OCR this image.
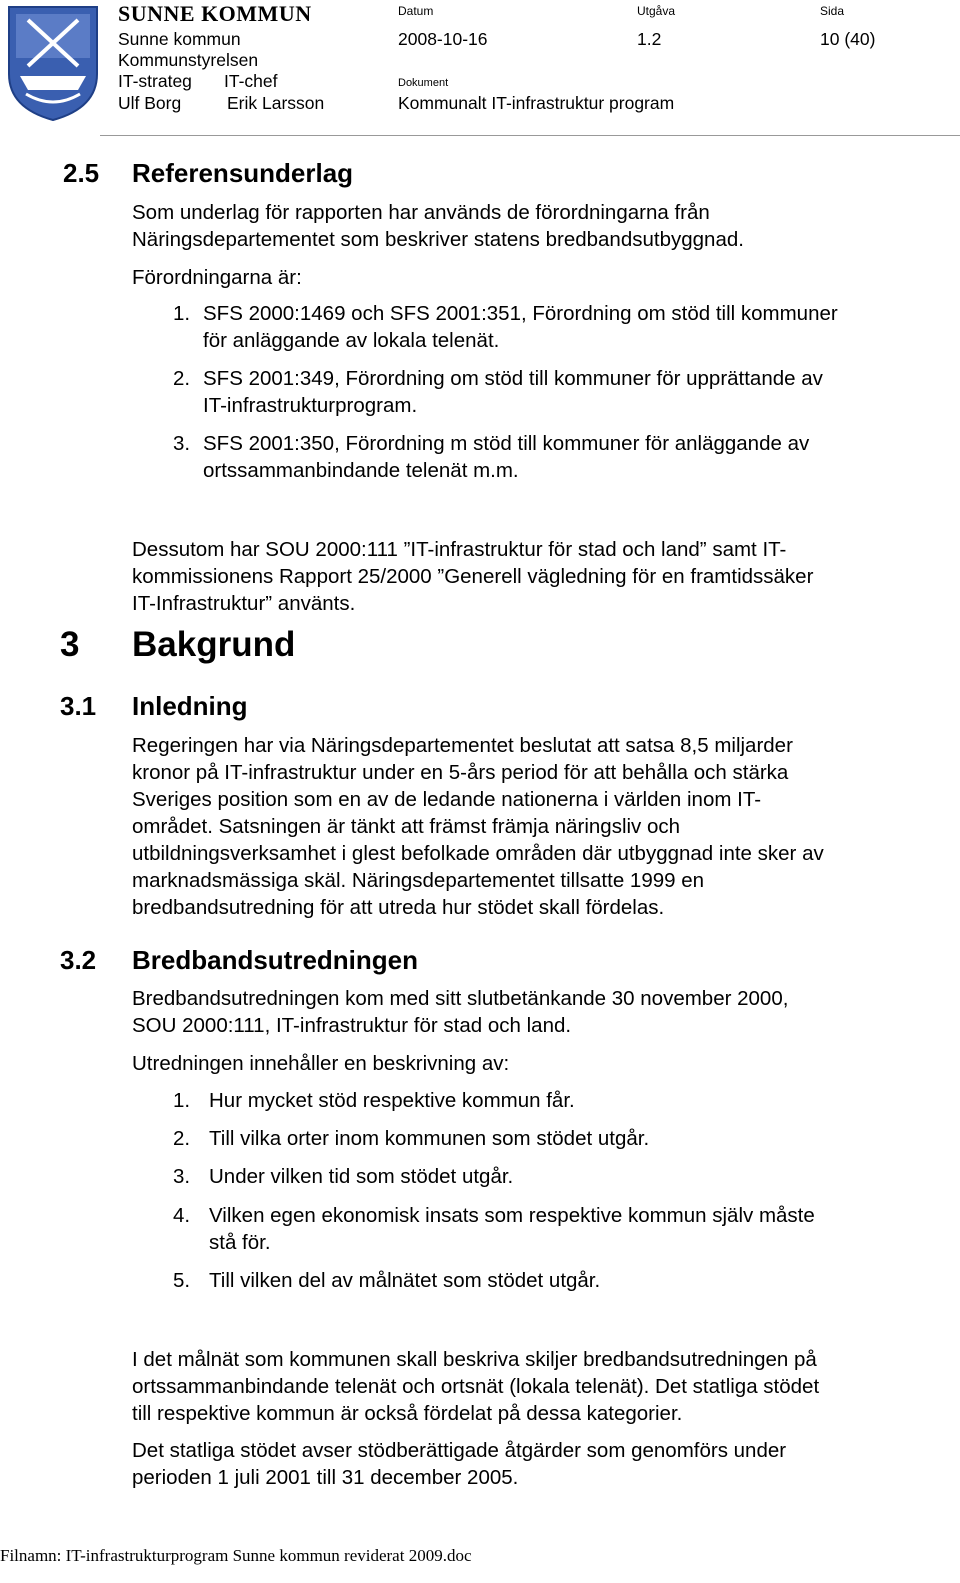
SUNNE KOMMUN
Sunne kommun
Kommunstyrelsen
IT-strateg IT-chef
Ulf Borg	Erik Larsson
Datum
2008-10-16
Utgåva
1.2
Sida
10 (40)
Dokument
Kommunalt IT-infrastruktur program
2.5 Referensunderlag
Som underlag för rapporten har används de förordningarna från
Näringsdepartementet som beskriver statens bredbandsutbyggnad.
Förordningarna är:
1. SFS 2000:1469 och SFS 2001:351, Förordning om stöd till kommuner
för anläggande av lokala telenät.
2. SFS 2001:349, Förordning om stöd till kommuner för upprättande av
IT-infrastrukturprogram.
3. SFS 2001:350, Förordning m stöd till kommuner för anläggande av
ortssammanbindande telenät m.m.
Dessutom har SOU 2000:111 ”IT-infrastruktur för stad och land” samt IT-
kommissionens Rapport 25/2000 ”Generell vägledning för en framtidssäker
IT-Infrastruktur” använts.
3 Bakgrund
3.1 Inledning
Regeringen har via Näringsdepartementet beslutat att satsa 8,5 miljarder
kronor på IT-infrastruktur under en 5-års period för att behålla och stärka
Sveriges position som en av de ledande nationerna i världen inom IT-
området. Satsningen är tänkt att främst främja näringsliv och
utbildningsverksamhet i glest befolkade områden där utbyggnad inte sker av
marknadsmässiga skäl. Näringsdepartementet tillsatte 1999 en
bredbandsutredning för att utreda hur stödet skall fördelas.
3.2 Bredbandsutredningen
Bredbandsutredningen kom med sitt slutbetänkande 30 november 2000,
SOU 2000:111, IT-infrastruktur för stad och land.
Utredningen innehåller en beskrivning av:
1. Hur mycket stöd respektive kommun får.
2. Till vilka orter inom kommunen som stödet utgår.
3. Under vilken tid som stödet utgår.
4. Vilken egen ekonomisk insats som respektive kommun själv måste
stå för.
5. Till vilken del av målnätet som stödet utgår.
I det målnät som kommunen skall beskriva skiljer bredbandsutredningen på
ortssammanbindande telenät och ortsnät (lokala telenät). Det statliga stödet
till respektive kommun är också fördelat på dessa kategorier.
Det statliga stödet avser stödberättigade åtgärder som genomförs under
perioden 1 juli 2001 till 31 december 2005.
Filnamn: IT-infrastrukturprogram Sunne kommun reviderat 2009.doc
